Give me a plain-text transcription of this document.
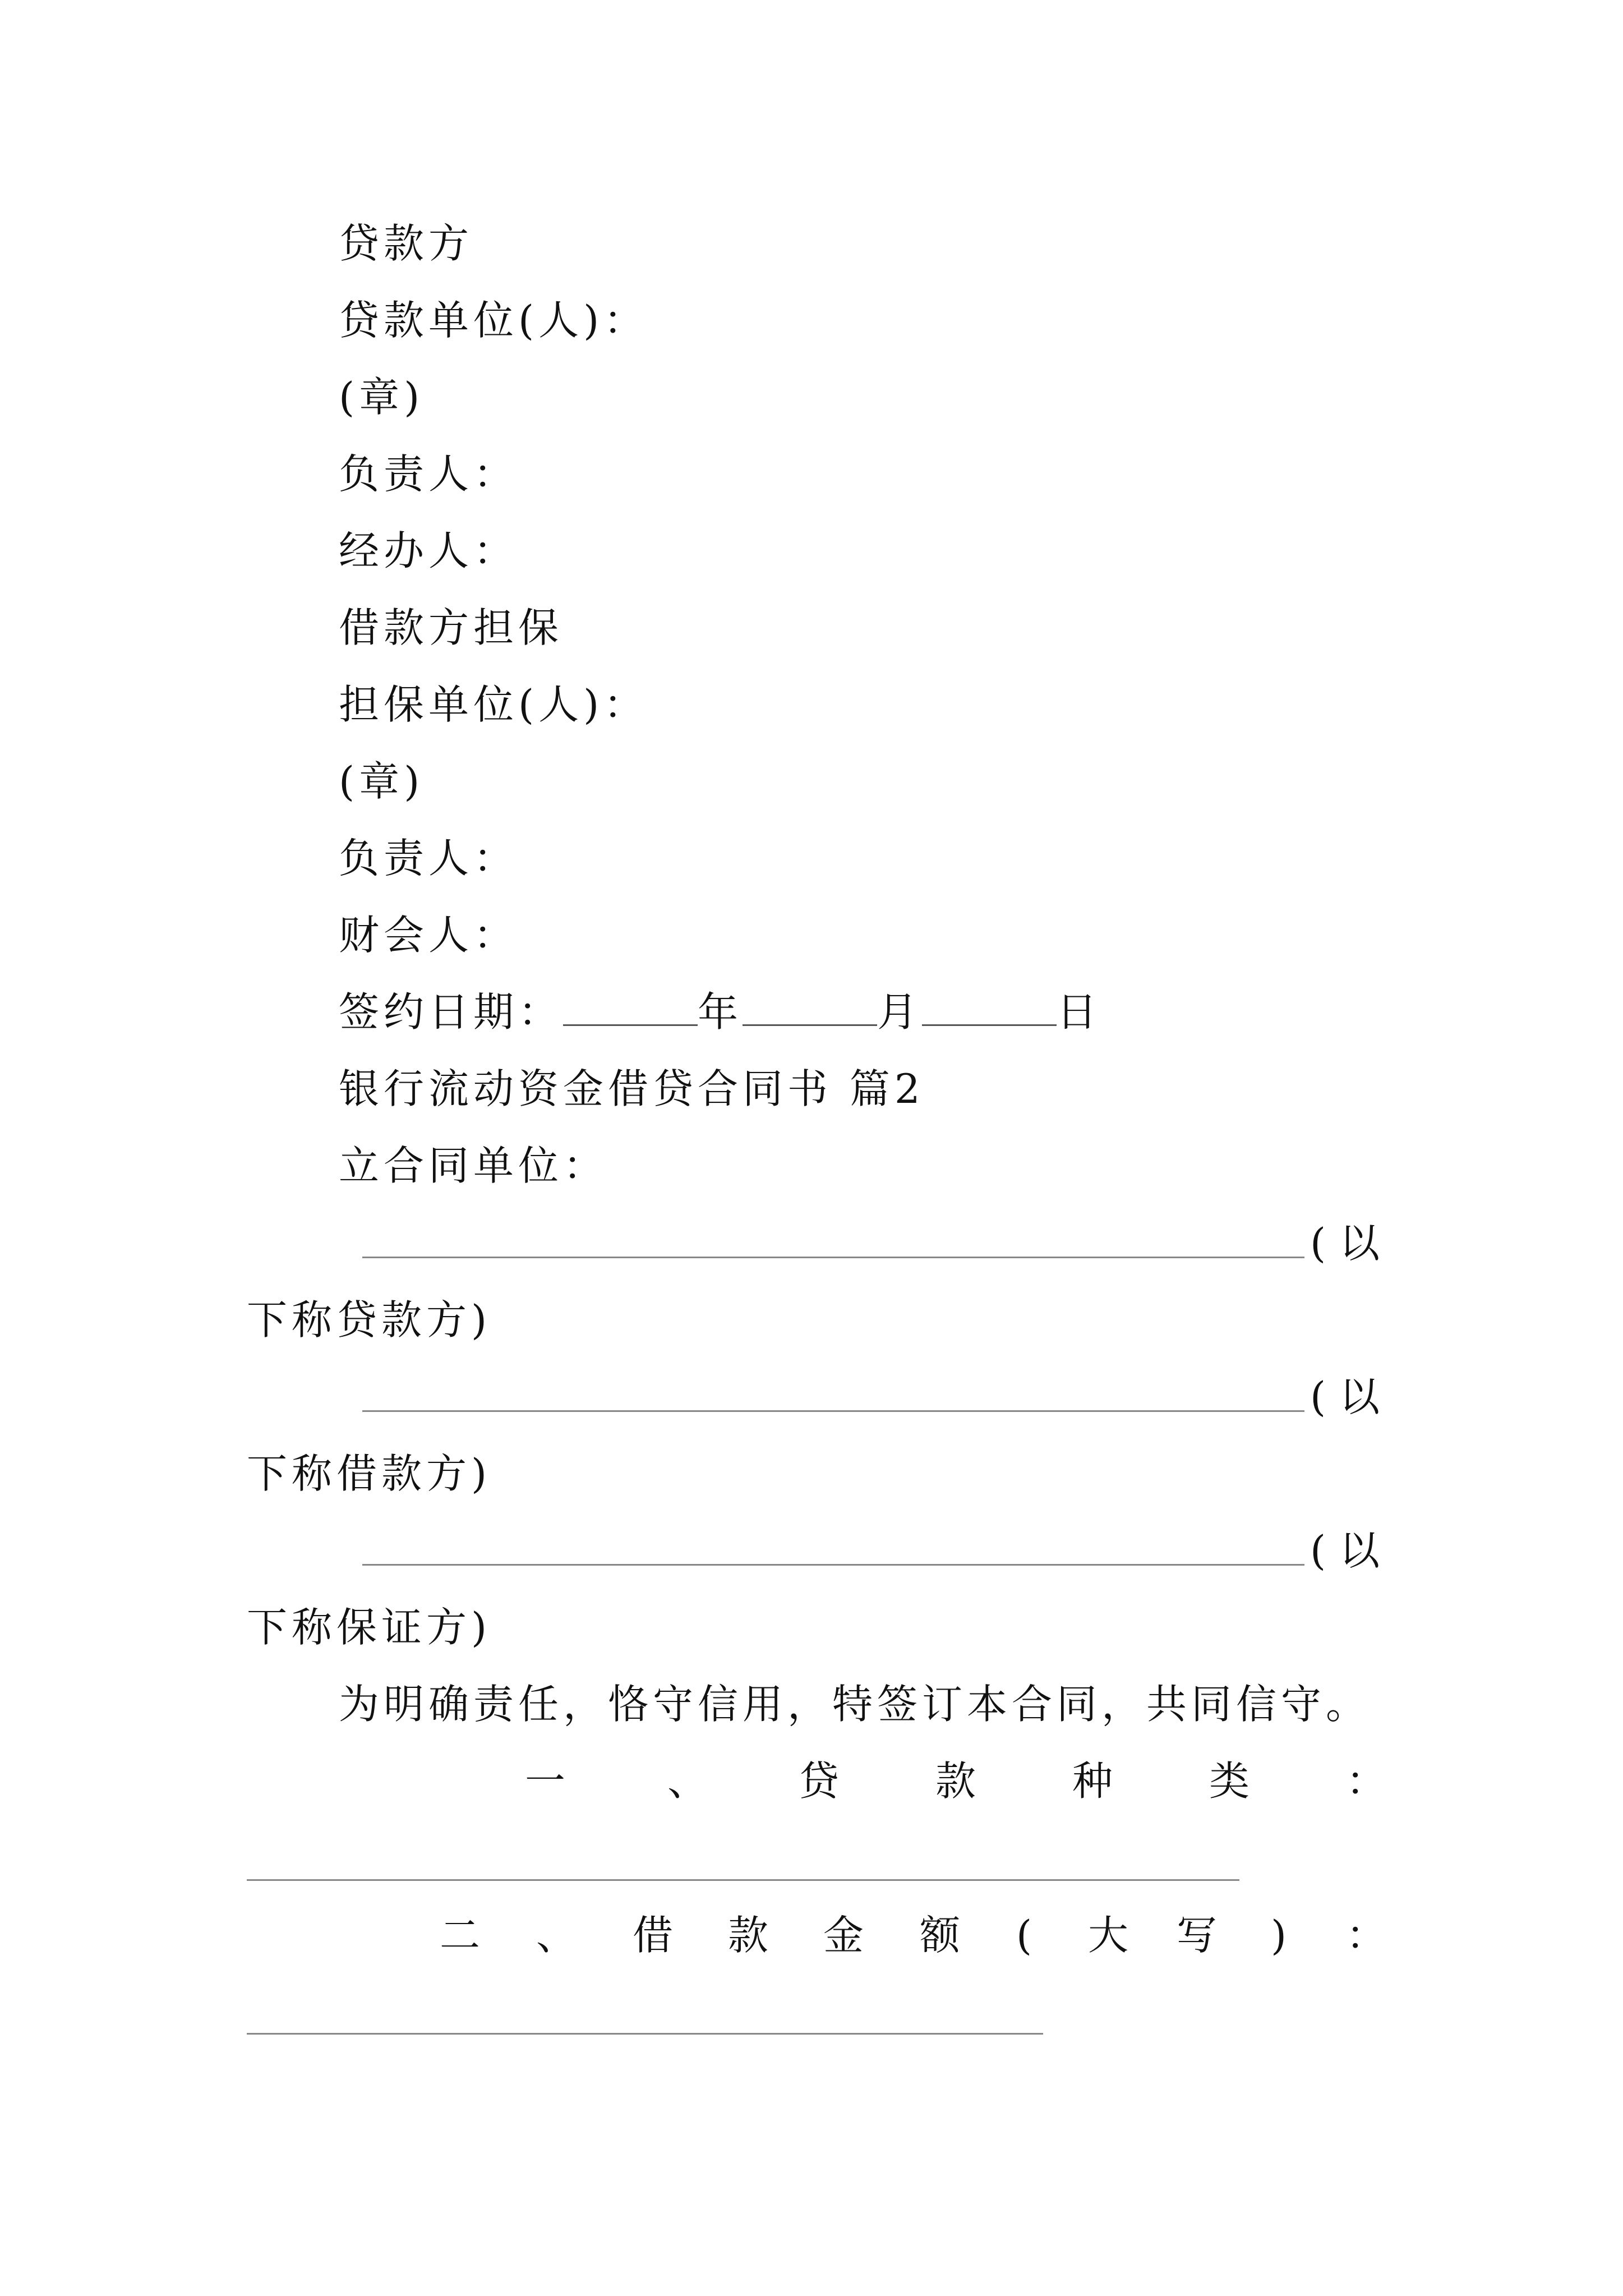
贷款方
贷款单位(人)：
(章)
负责人：
经办人：
借款方担保
担保单位(人)：
(章)
负责人：
财会人：
签约日期：	年	月	日
银行流动资金借贷合同书 篇2
立合同单位：
(以
下称贷款方)
(以
下称借款方)
(以
下称保证方)
为明确责任，恪守信用，特签订本合同，共同信守。
一	、 贷 款 种 类 ：
二 、 借 款 金 额 ( 大 写 ) ：
